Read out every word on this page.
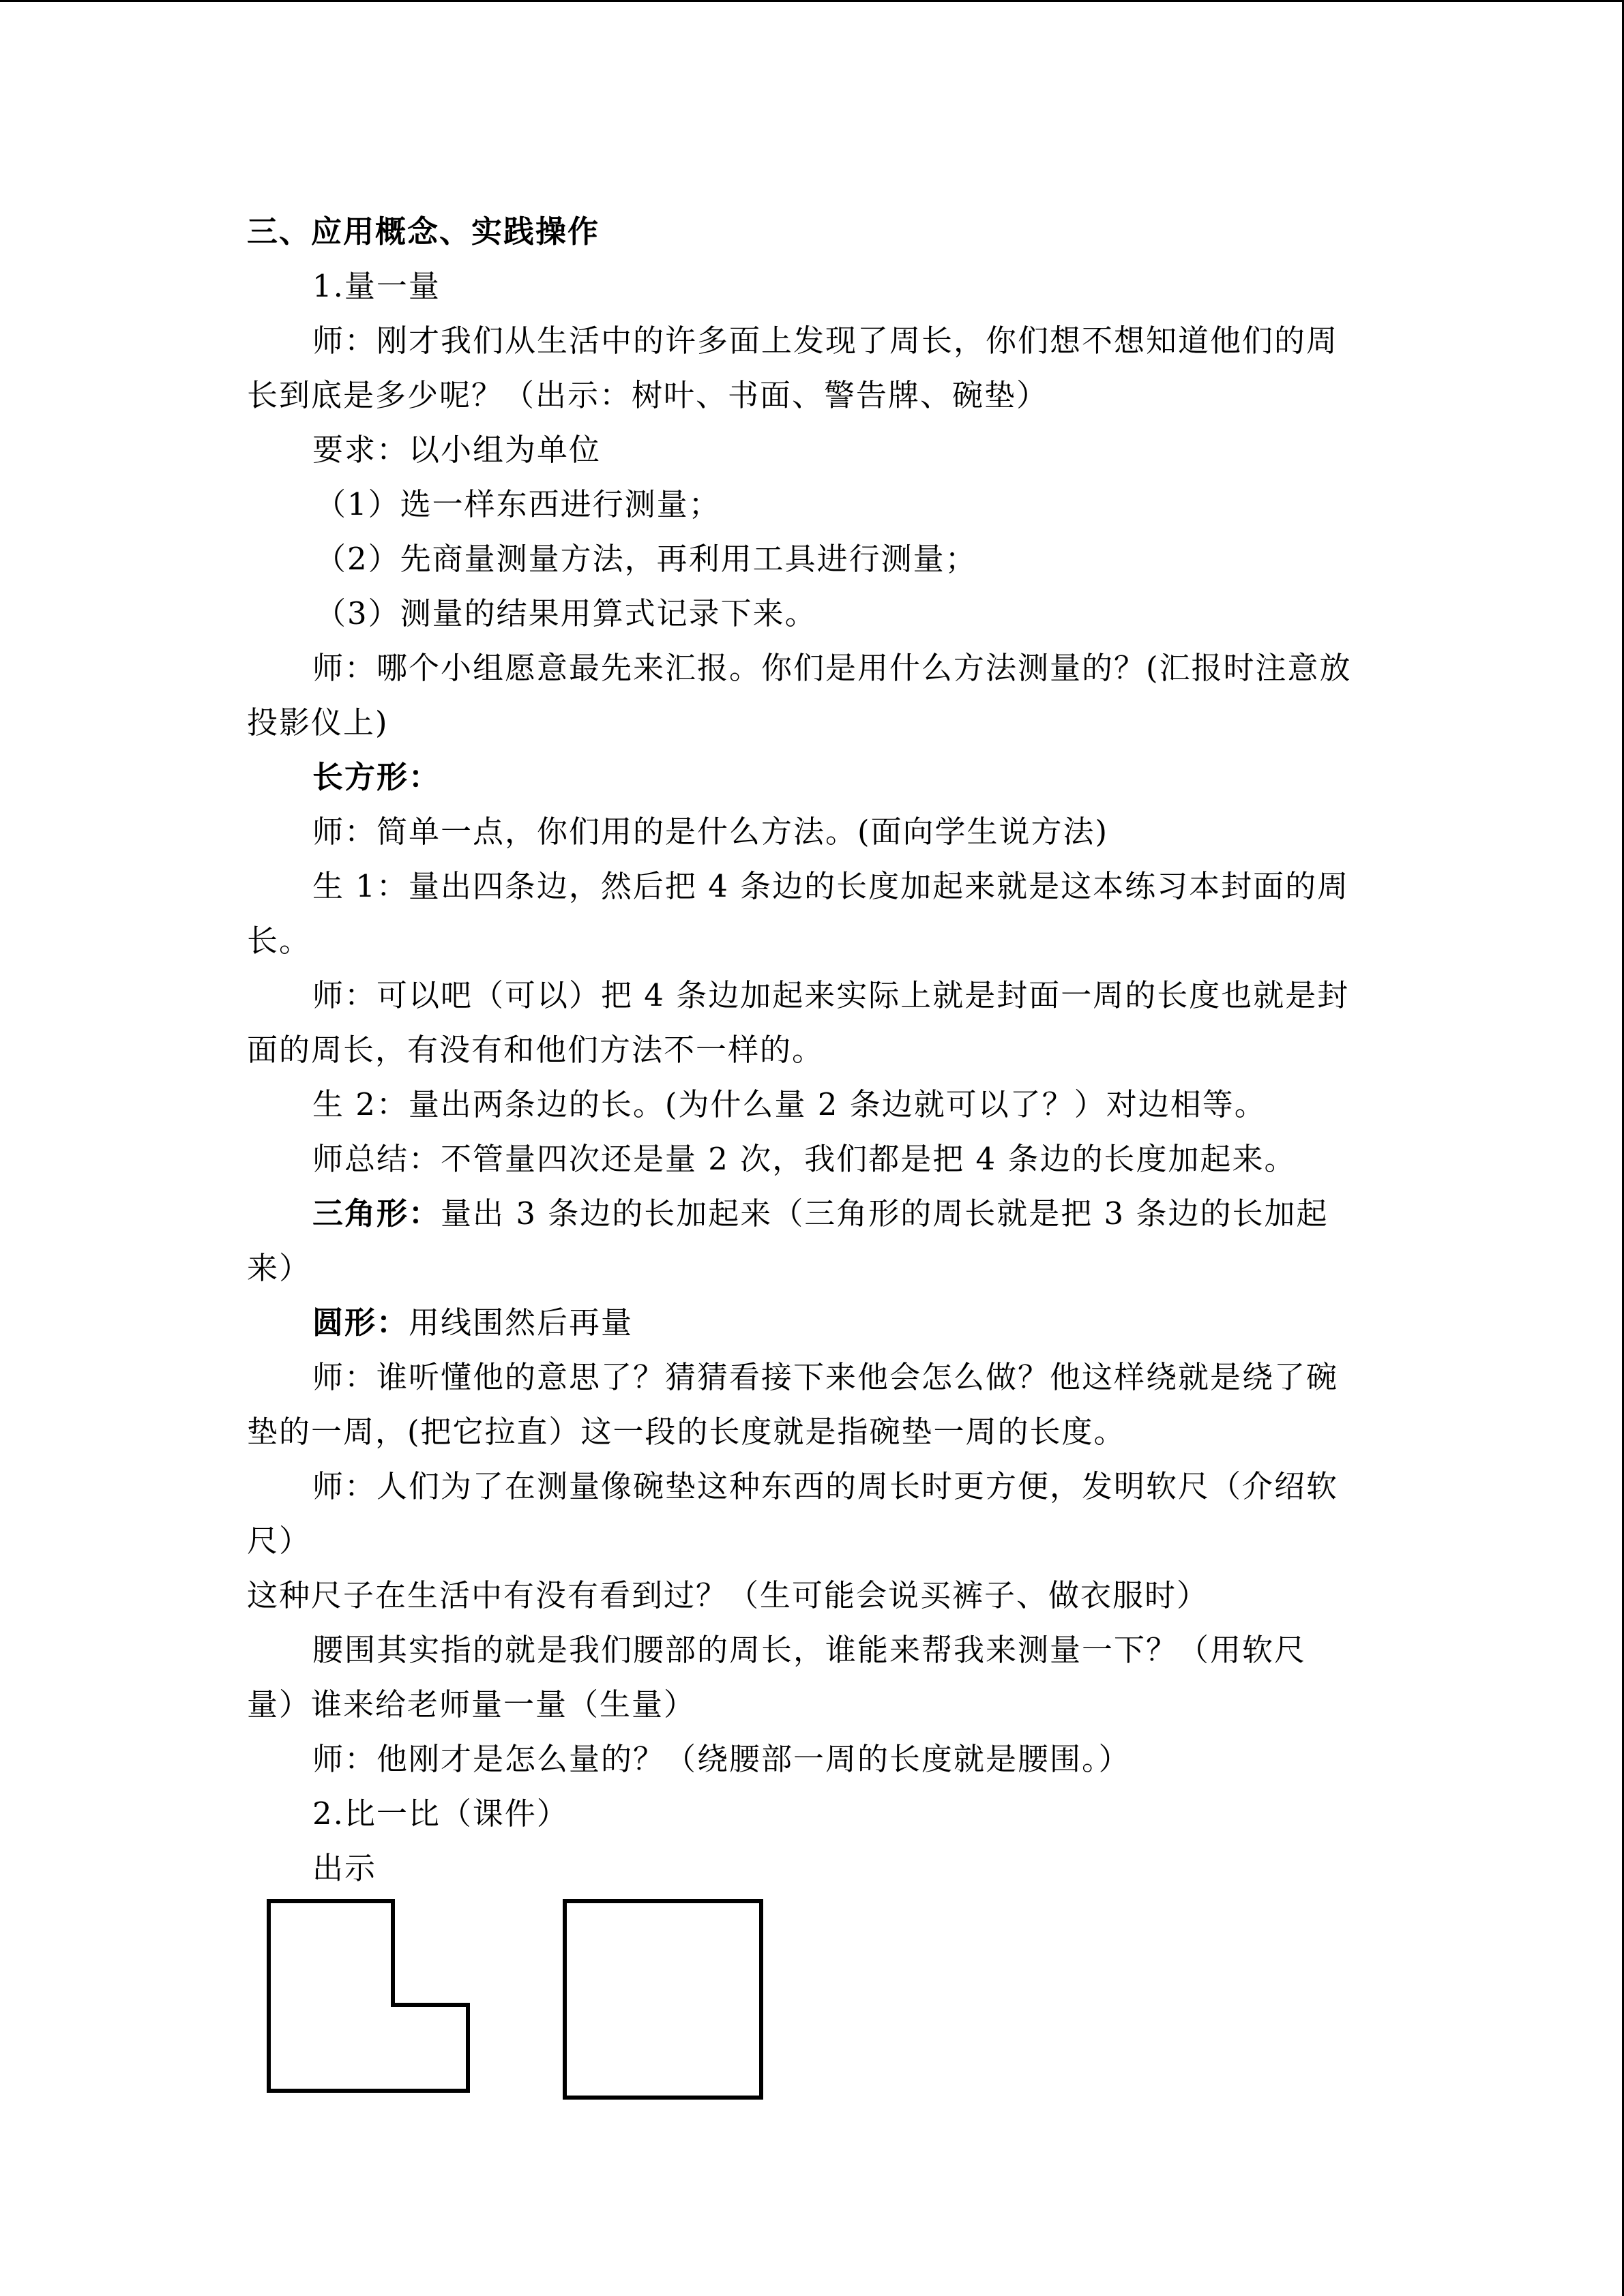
三、应用概念、实践操作
1.量一量
师：刚才我们从生活中的许多面上发现了周长，你们想不想知道他们的周
长到底是多少呢？（出示：树叶、书面、警告牌、碗垫）
要求：以小组为单位
（1）选一样东西进行测量；
（2）先商量测量方法，再利用工具进行测量；
（3）测量的结果用算式记录下来。
师：哪个小组愿意最先来汇报。你们是用什么方法测量的？(汇报时注意放
投影仪上)
长方形：
师：简单一点，你们用的是什么方法。(面向学生说方法)
生 1：量出四条边，然后把 4 条边的长度加起来就是这本练习本封面的周
长。
师：可以吧（可以）把 4 条边加起来实际上就是封面一周的长度也就是封
面的周长，有没有和他们方法不一样的。
生 2：量出两条边的长。(为什么量 2 条边就可以了？）对边相等。
师总结：不管量四次还是量 2 次，我们都是把 4 条边的长度加起来。
三角形：量出 3 条边的长加起来（三角形的周长就是把 3 条边的长加起
来）
圆形：用线围然后再量
师：谁听懂他的意思了？猜猜看接下来他会怎么做？他这样绕就是绕了碗
垫的一周，(把它拉直）这一段的长度就是指碗垫一周的长度。
师：人们为了在测量像碗垫这种东西的周长时更方便，发明软尺（介绍软
尺）
这种尺子在生活中有没有看到过？（生可能会说买裤子、做衣服时）
腰围其实指的就是我们腰部的周长，谁能来帮我来测量一下？（用软尺
量）谁来给老师量一量（生量）
师：他刚才是怎么量的？（绕腰部一周的长度就是腰围。）
2.比一比（课件）
出示
